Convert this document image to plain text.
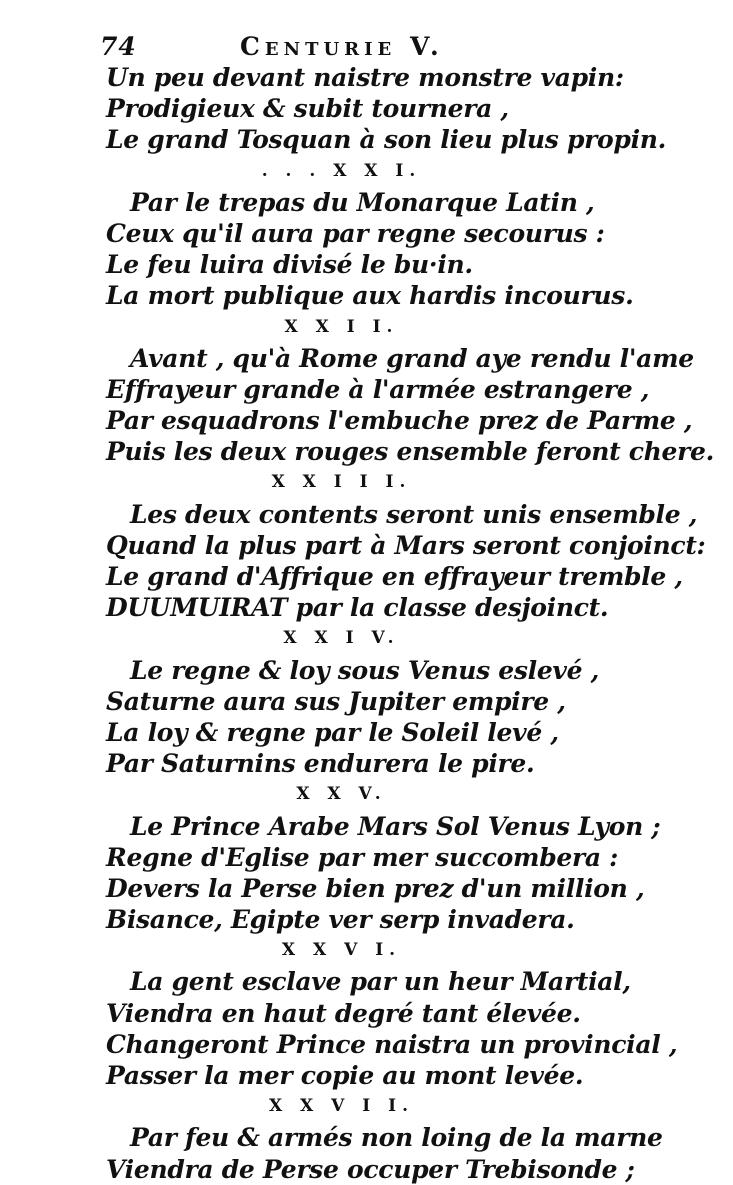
74	Centurie V.
Un peu devant naistre monstre vapin:
Prodigieux & subit tournera ,
Le grand Tosquan à son lieu plus propin.
. . . X X I.
Par le trepas du Monarque Latin ,
Ceux qu'il aura par regne secourus :
Le feu luira divisé le bu·in.
La mort publique aux hardis incourus.
X X I I.
Avant , qu'à Rome grand aye rendu l'ame
Effrayeur grande à l'armée estrangere ,
Par esquadrons l'embuche prez de Parme ,
Puis les deux rouges ensemble feront chere.
X X I I I.
Les deux contents seront unis ensemble ,
Quand la plus part à Mars seront conjoinct:
Le grand d'Affrique en effrayeur tremble ,
DUUMUIRAT par la classe desjoinct.
X X I V.
Le regne & loy sous Venus eslevé ,
Saturne aura sus Jupiter empire ,
La loy & regne par le Soleil levé ,
Par Saturnins endurera le pire.
X X V.
Le Prince Arabe Mars Sol Venus Lyon ;
Regne d'Eglise par mer succombera :
Devers la Perse bien prez d'un million ,
Bisance, Egipte ver serp invadera.
X X V I.
La gent esclave par un heur Martial,
Viendra en haut degré tant élevée.
Changeront Prince naistra un provincial ,
Passer la mer copie au mont levée.
X X V I I.
Par feu & armés non loing de la marne
Viendra de Perse occuper Trebisonde ;
